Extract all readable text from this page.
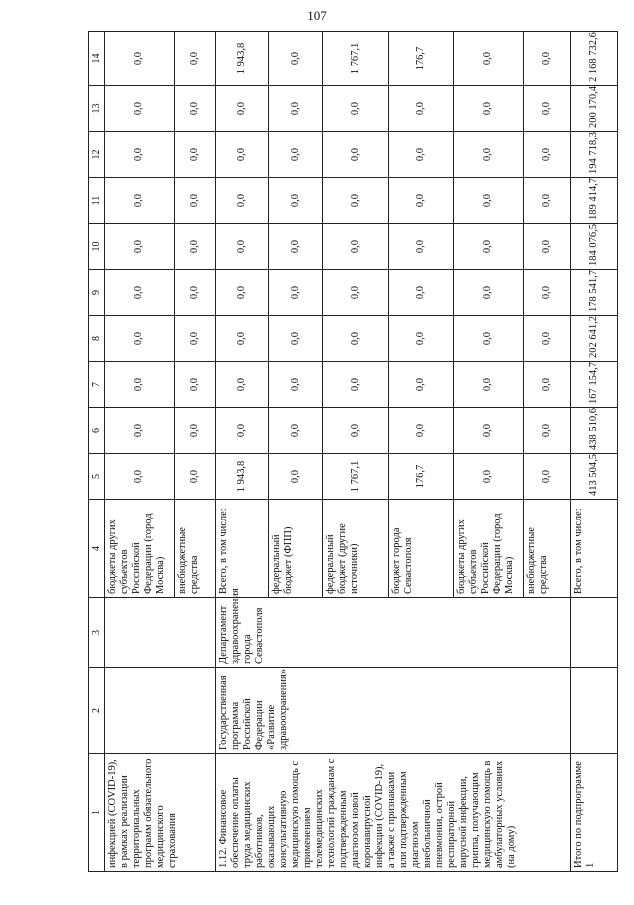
107
1	2	3	4	5	6	7	8	9	10	11	12	13	14
инфекцией (COVID-19), в рамках реализации территориальных программ обязательного медицинского страхования			бюджеты других субъектов Российской Федерации (город Москва)	0,0	0,0	0,0	0,0	0,0	0,0	0,0	0,0	0,0	0,0
			внебюджетные средства	0,0	0,0	0,0	0,0	0,0	0,0	0,0	0,0	0,0	0,0
1.12. Финансовое обеспечение оплаты труда медицинских работников, оказывающих консультативную медицинскую помощь с применением телемедицинских технологий гражданам с подтвержденным диагнозом новой коронавирусной инфекции (COVID-19), а также с признаками или подтвержденным диагнозом внебольничной пневмонии, острой респираторной вирусной инфекции, гриппа, получающим медицинскую помощь в амбулаторных условиях (на дому)	Государственная программа Российской Федерации «Развитие здравоохранения»	Департамент здравоохранения города Севастополя	Всего, в том числе:	1 943,8	0,0	0,0	0,0	0,0	0,0	0,0	0,0	0,0	1 943,8
			федеральный бюджет (ФПП)	0,0	0,0	0,0	0,0	0,0	0,0	0,0	0,0	0,0	0,0
			федеральный бюджет (другие источники)	1 767,1	0,0	0,0	0,0	0,0	0,0	0,0	0,0	0,0	1 767,1
			бюджет города Севастополя	176,7	0,0	0,0	0,0	0,0	0,0	0,0	0,0	0,0	176,7
			бюджеты других субъектов Российской Федерации (город Москва)	0,0	0,0	0,0	0,0	0,0	0,0	0,0	0,0	0,0	0,0
			внебюджетные средства	0,0	0,0	0,0	0,0	0,0	0,0	0,0	0,0	0,0	0,0
Итого по подпрограмме 1			Всего, в том числе:	413 504,5	438 510,6	167 154,7	202 641,2	178 541,7	184 076,5	189 414,7	194 718,3	200 170,4	2 168 732,6
